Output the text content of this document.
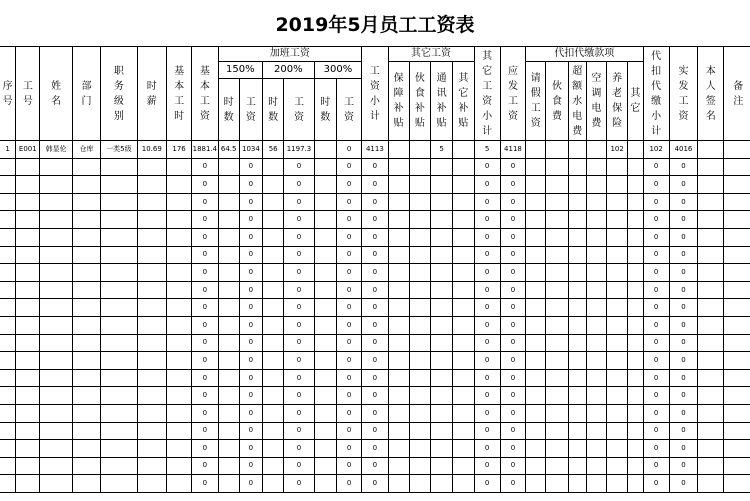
2019年5月员工工资表
序号	工号	姓名	部门	职务级别	时薪	基本工时	基本工资	加班工资						工资小计	其它工资				其它工资小计	应发工资	代扣代缴款项						代扣代缴小计	实发工资	本人签名	备注
								150%		200%		300%			保障补贴	伙食补贴	通讯补贴	其它补贴			请假工资	伙食费	超额水电费	空调电费	养老保险	其它				
								时数	工资	时数	工资	时数	工资																	
1	E001	韩显伦	仓库	一类5级	10.69	176	1881.4	64.5	1034	56	1197.3		0	4113			5		5	4118					102		102	4016		
							0		0		0		0	0					0	0							0	0		
							0		0		0		0	0					0	0							0	0		
							0		0		0		0	0					0	0							0	0		
							0		0		0		0	0					0	0							0	0		
							0		0		0		0	0					0	0							0	0		
							0		0		0		0	0					0	0							0	0		
							0		0		0		0	0					0	0							0	0		
							0		0		0		0	0					0	0							0	0		
							0		0		0		0	0					0	0							0	0		
							0		0		0		0	0					0	0							0	0		
							0		0		0		0	0					0	0							0	0		
							0		0		0		0	0					0	0							0	0		
							0		0		0		0	0					0	0							0	0		
							0		0		0		0	0					0	0							0	0		
							0		0		0		0	0					0	0							0	0		
							0		0		0		0	0					0	0							0	0		
							0		0		0		0	0					0	0							0	0		
							0		0		0		0	0					0	0							0	0		
							0		0		0		0	0					0	0							0	0		
